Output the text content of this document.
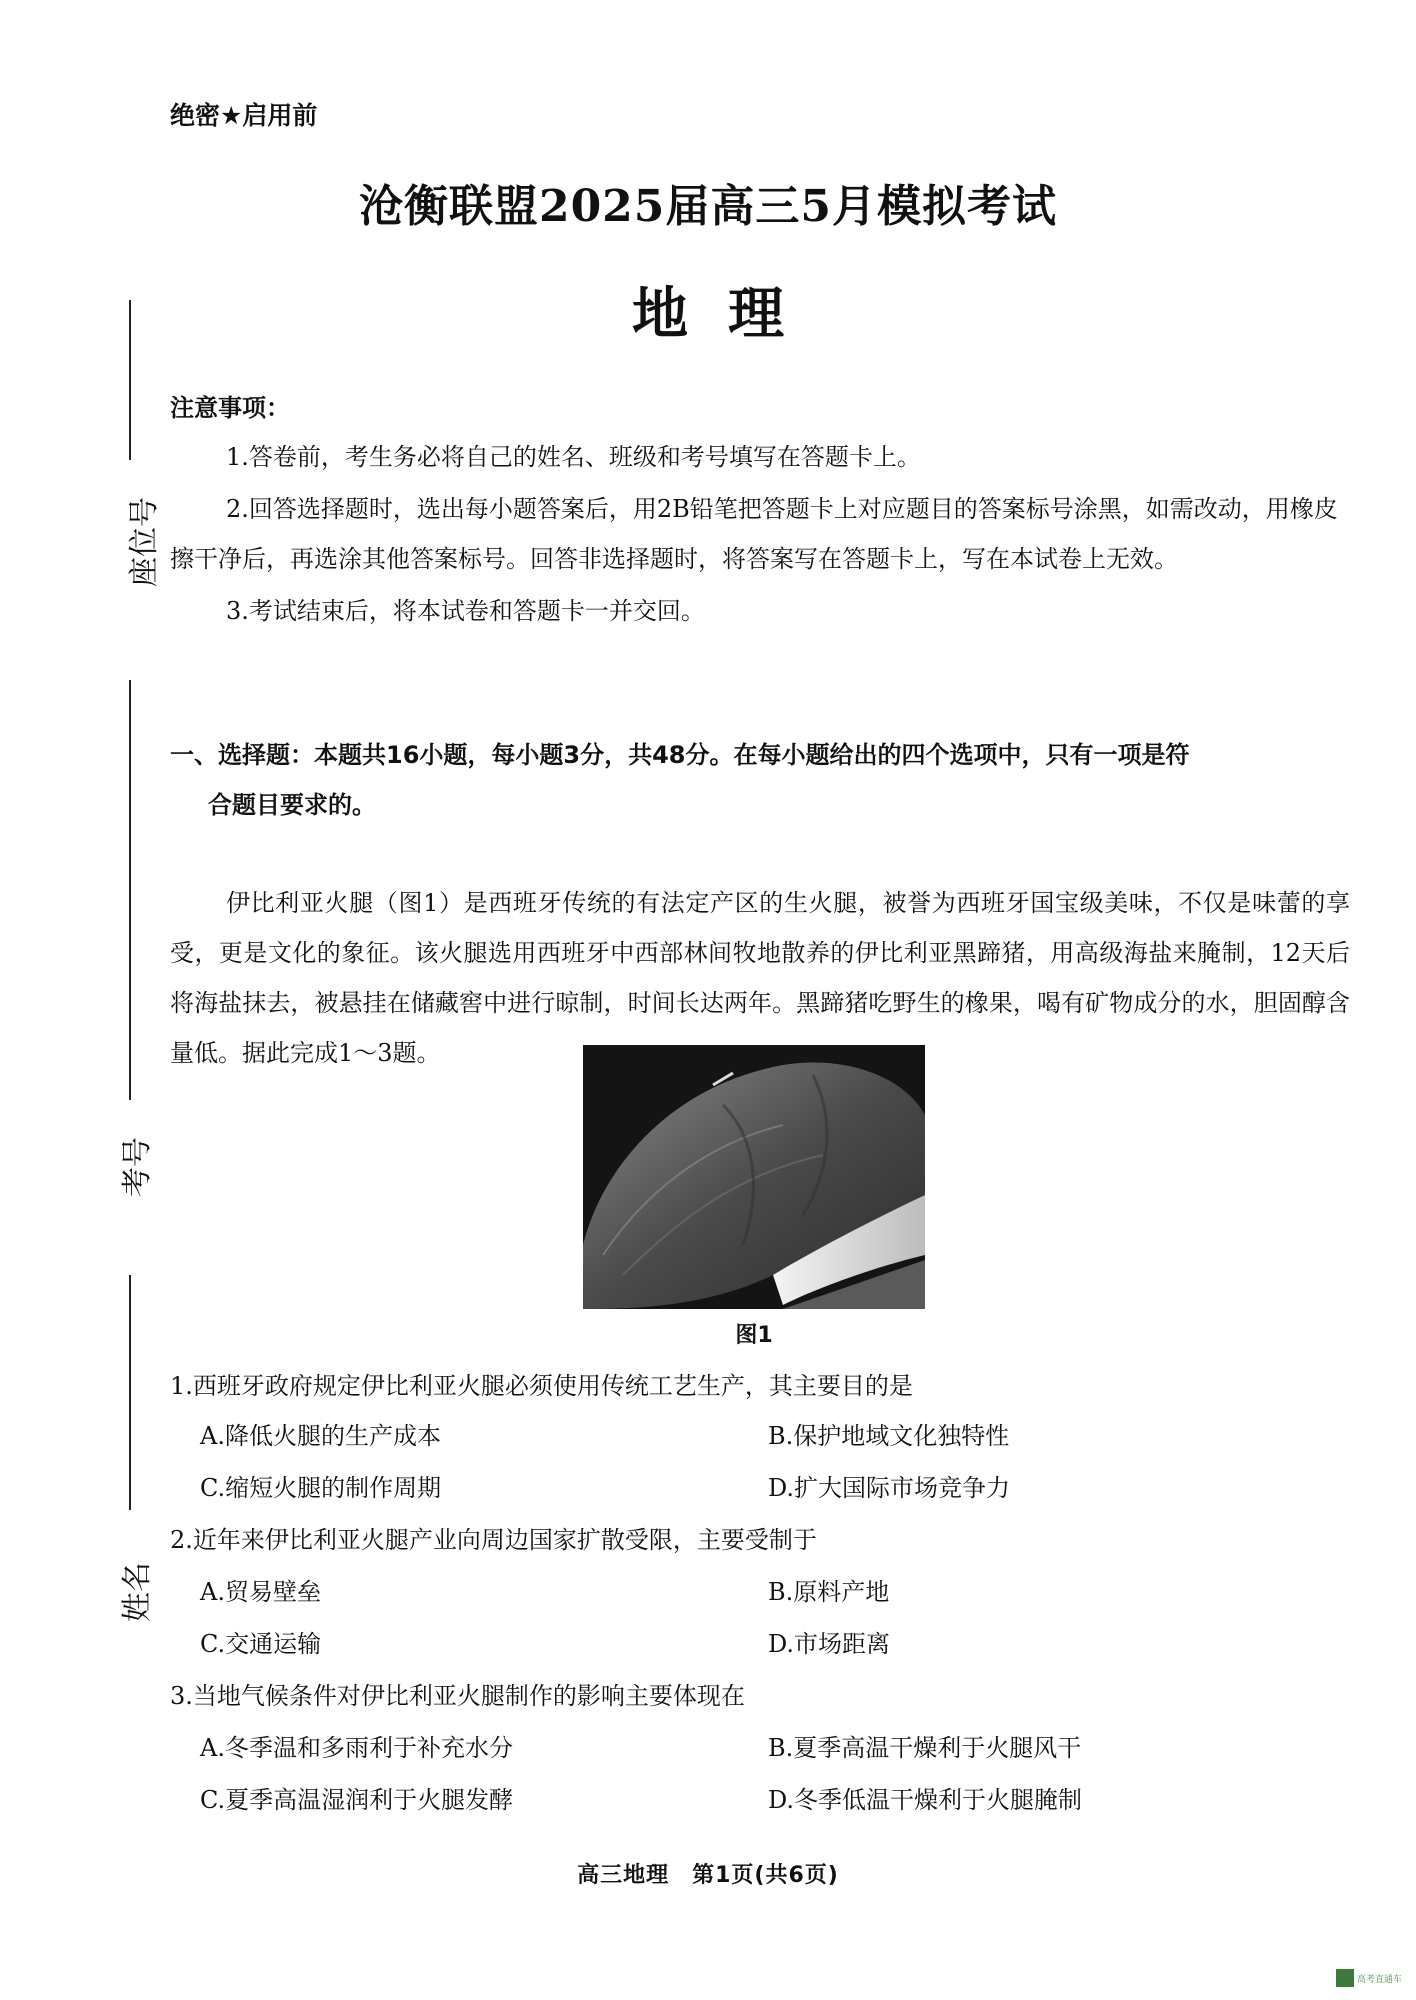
座位号
考号
姓名
绝密★启用前
沧衡联盟2025届高三5月模拟考试
地理
注意事项：

1.答卷前，考生务必将自己的姓名、班级和考号填写在答题卡上。

2.回答选择题时，选出每小题答案后，用2B铅笔把答题卡上对应题目的答案标号涂黑，如需改动，用橡皮擦干净后，再选涂其他答案标号。回答非选择题时，将答案写在答题卡上，写在本试卷上无效。

3.考试结束后，将本试卷和答题卡一并交回。

一、选择题：本题共16小题，每小题3分，共48分。在每小题给出的四个选项中，只有一项是符
合题目要求的。
伊比利亚火腿（图1）是西班牙传统的有法定产区的生火腿，被誉为西班牙国宝级美味，不仅是味蕾的享受，更是文化的象征。该火腿选用西班牙中西部林间牧地散养的伊比利亚黑蹄猪，用高级海盐来腌制，12天后将海盐抹去，被悬挂在储藏窖中进行晾制，时间长达两年。黑蹄猪吃野生的橡果，喝有矿物成分的水，胆固醇含量低。据此完成1～3题。
图1
1.西班牙政府规定伊比利亚火腿必须使用传统工艺生产，其主要目的是
A.降低火腿的生产成本	B.保护地域文化独特性
C.缩短火腿的制作周期	D.扩大国际市场竞争力
2.近年来伊比利亚火腿产业向周边国家扩散受限，主要受制于
A.贸易壁垒	B.原料产地
C.交通运输	D.市场距离
3.当地气候条件对伊比利亚火腿制作的影响主要体现在
A.冬季温和多雨利于补充水分	B.夏季高温干燥利于火腿风干
C.夏季高温湿润利于火腿发酵	D.冬季低温干燥利于火腿腌制
高三地理　第1页(共6页)
高考直通车
